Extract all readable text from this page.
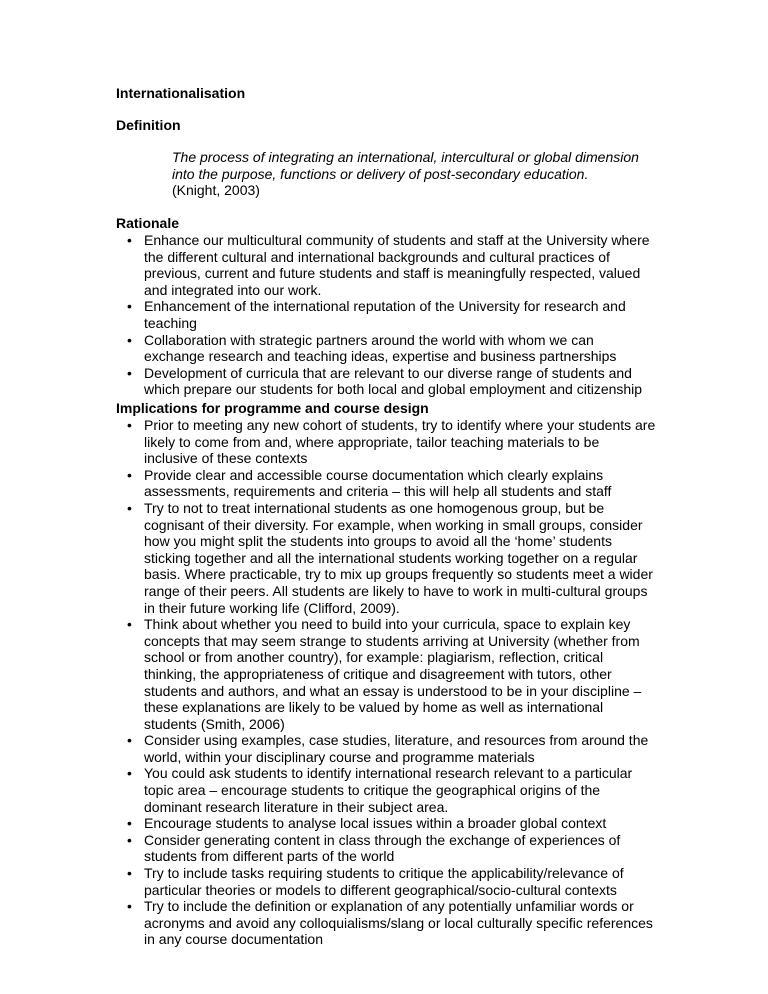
Internationalisation

Definition

The process of integrating an international, intercultural or global dimension into the purpose, functions or delivery of post-secondary education.
(Knight, 2003)

Rationale

• Enhance our multicultural community of students and staff at the University where the different cultural and international backgrounds and cultural practices of previous, current and future students and staff is meaningfully respected, valued and integrated into our work.
• Enhancement of the international reputation of the University for research and teaching
• Collaboration with strategic partners around the world with whom we can exchange research and teaching ideas, expertise and business partnerships
• Development of curricula that are relevant to our diverse range of students and which prepare our students for both local and global employment and citizenship

Implications for programme and course design

• Prior to meeting any new cohort of students, try to identify where your students are likely to come from and, where appropriate, tailor teaching materials to be inclusive of these contexts
• Provide clear and accessible course documentation which clearly explains assessments, requirements and criteria – this will help all students and staff
• Try to not to treat international students as one homogenous group, but be cognisant of their diversity. For example, when working in small groups, consider how you might split the students into groups to avoid all the ‘home’ students sticking together and all the international students working together on a regular basis. Where practicable, try to mix up groups frequently so students meet a wider range of their peers. All students are likely to have to work in multi-cultural groups in their future working life (Clifford, 2009).
• Think about whether you need to build into your curricula, space to explain key concepts that may seem strange to students arriving at University (whether from school or from another country), for example: plagiarism, reflection, critical thinking, the appropriateness of critique and disagreement with tutors, other students and authors, and what an essay is understood to be in your discipline – these explanations are likely to be valued by home as well as international students (Smith, 2006)
• Consider using examples, case studies, literature, and resources from around the world, within your disciplinary course and programme materials
• You could ask students to identify international research relevant to a particular topic area – encourage students to critique the geographical origins of the dominant research literature in their subject area.
• Encourage students to analyse local issues within a broader global context
• Consider generating content in class through the exchange of experiences of students from different parts of the world
• Try to include tasks requiring students to critique the applicability/relevance of particular theories or models to different geographical/socio-cultural contexts
• Try to include the definition or explanation of any potentially unfamiliar words or acronyms and avoid any colloquialisms/slang or local culturally specific references in any course documentation
